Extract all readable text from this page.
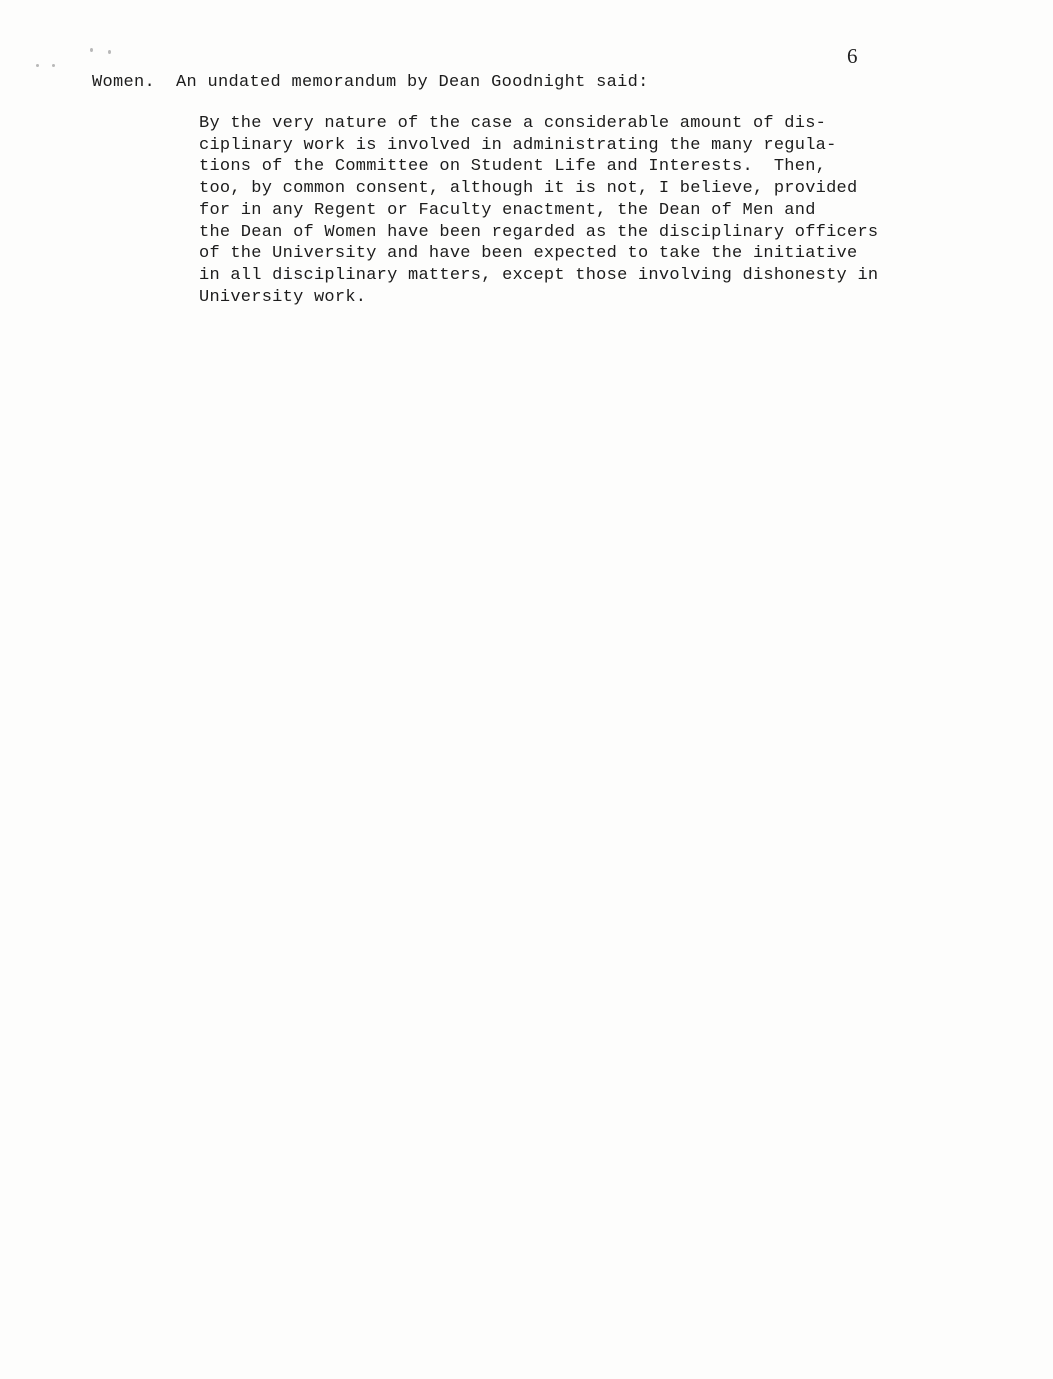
6
Women.  An undated memorandum by Dean Goodnight said:
By the very nature of the case a considerable amount of dis-
ciplinary work is involved in administrating the many regula-
tions of the Committee on Student Life and Interests.  Then,
too, by common consent, although it is not, I believe, provided
for in any Regent or Faculty enactment, the Dean of Men and
the Dean of Women have been regarded as the disciplinary officers
of the University and have been expected to take the initiative
in all disciplinary matters, except those involving dishonesty in
University work.
